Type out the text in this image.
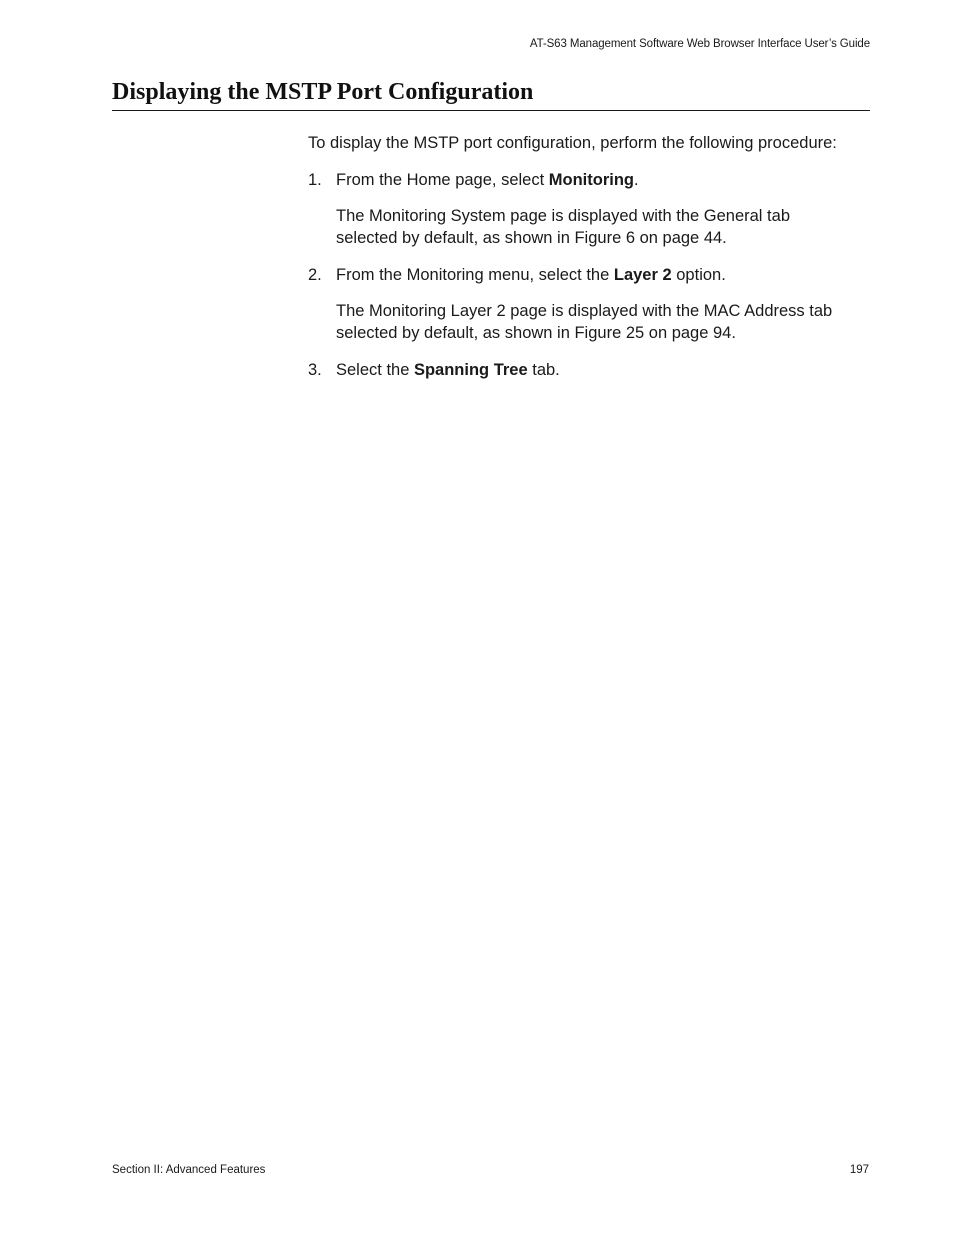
AT-S63 Management Software Web Browser Interface User’s Guide
Displaying the MSTP Port Configuration

To display the MSTP port configuration, perform the following procedure:

1. From the Home page, select Monitoring.

The Monitoring System page is displayed with the General tab selected by default, as shown in Figure 6 on page 44.

2. From the Monitoring menu, select the Layer 2 option.

The Monitoring Layer 2 page is displayed with the MAC Address tab selected by default, as shown in Figure 25 on page 94.

3. Select the Spanning Tree tab.

Section II: Advanced Features	197
